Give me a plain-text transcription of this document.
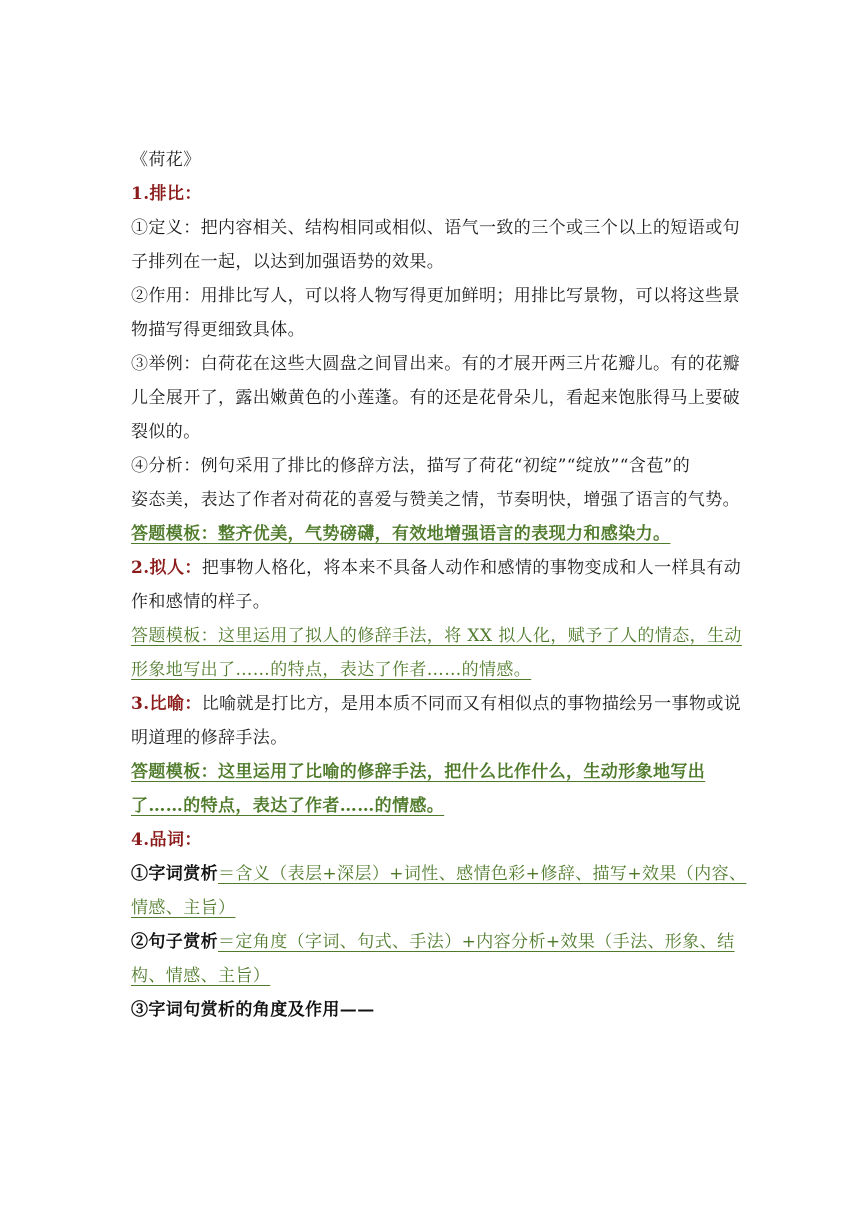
《荷花》
1.排比：
①定义：把内容相关、结构相同或相似、语气一致的三个或三个以上的短语或句
子排列在一起，以达到加强语势的效果。
②作用：用排比写人，可以将人物写得更加鲜明；用排比写景物，可以将这些景
物描写得更细致具体。
③举例：白荷花在这些大圆盘之间冒出来。有的才展开两三片花瓣儿。有的花瓣
儿全展开了，露出嫩黄色的小莲蓬。有的还是花骨朵儿，看起来饱胀得马上要破
裂似的。
④分析：例句采用了排比的修辞方法，描写了荷花“初绽”“绽放”“含苞”的
姿态美，表达了作者对荷花的喜爱与赞美之情，节奏明快，增强了语言的气势。
答题模板：整齐优美，气势磅礴，有效地增强语言的表现力和感染力。
2.拟人：把事物人格化，将本来不具备人动作和感情的事物变成和人一样具有动
作和感情的样子。
答题模板：这里运用了拟人的修辞手法，将 XX 拟人化，赋予了人的情态，生动
形象地写出了……的特点，表达了作者……的情感。
3.比喻：比喻就是打比方，是用本质不同而又有相似点的事物描绘另一事物或说
明道理的修辞手法。
答题模板：这里运用了比喻的修辞手法，把什么比作什么，生动形象地写出
了……的特点，表达了作者……的情感。
4.品词：
①字词赏析＝含义（表层+深层）+词性、感情色彩+修辞、描写+效果（内容、
情感、主旨）
②句子赏析＝定角度（字词、句式、手法）+内容分析+效果（手法、形象、结
构、情感、主旨）
③字词句赏析的角度及作用——
